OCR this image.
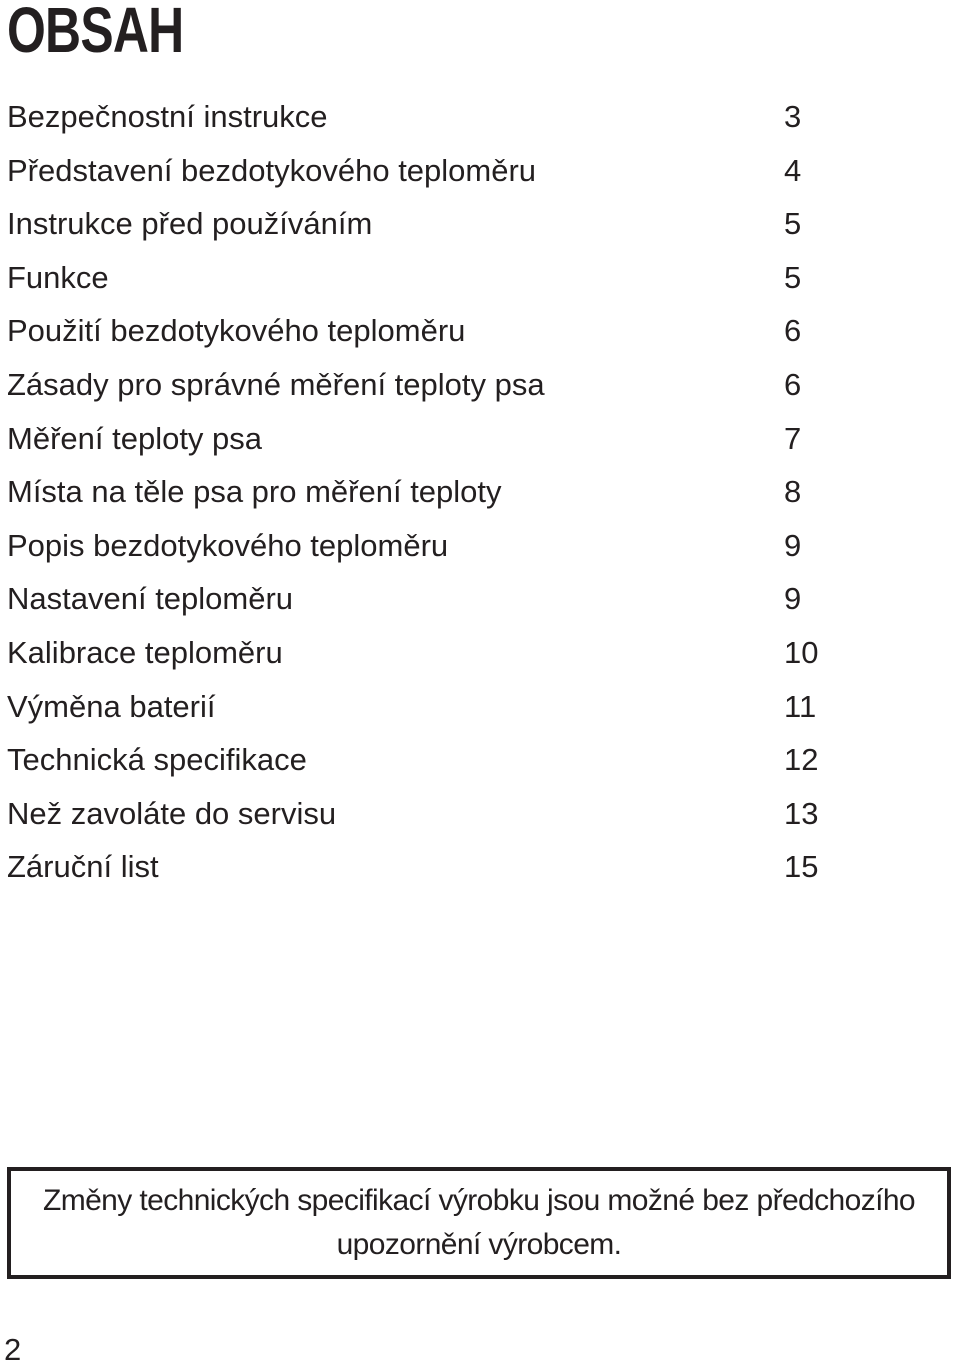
OBSAH
Bezpečnostní instrukce	3
Představení bezdotykového teploměru	4
Instrukce před používáním	5
Funkce	5
Použití bezdotykového teploměru	6
Zásady pro správné měření teploty psa	6
Měření teploty psa	7
Místa na těle psa pro měření teploty	8
Popis bezdotykového teploměru	9
Nastavení teploměru	9
Kalibrace teploměru	10
Výměna baterií	11
Technická specifikace	12
Než zavoláte do servisu	13
Záruční list	15
Změny technických specifikací výrobku jsou možné bez předchozího upozornění výrobcem.
2
